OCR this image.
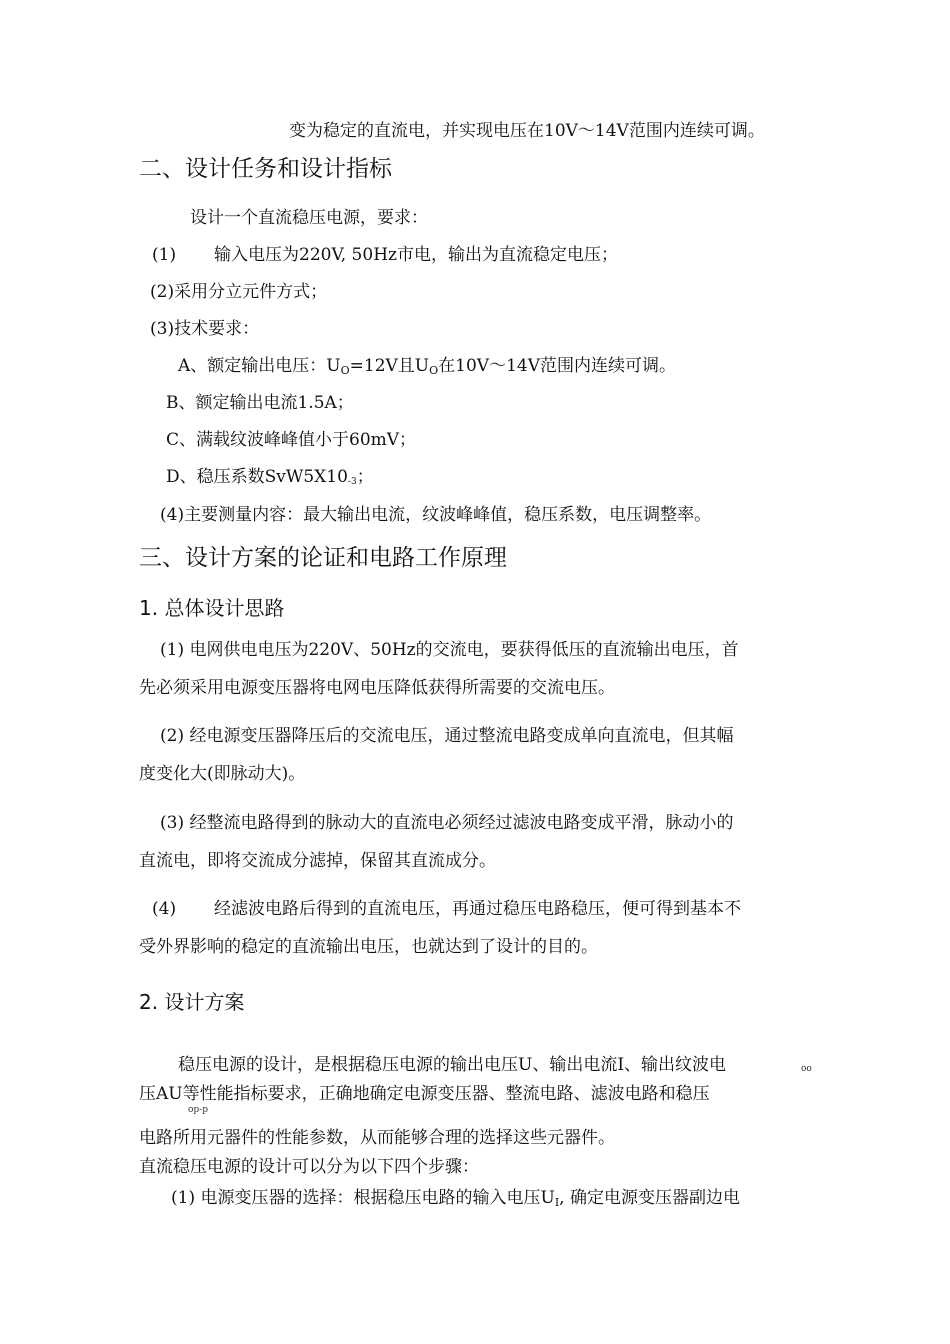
变为稳定的直流电，并实现电压在10V〜14V范围内连续可调。
二、设计任务和设计指标
设计一个直流稳压电源，要求：
(1) 输入电压为220V, 50Hz市电，输出为直流稳定电压；
(2)采用分立元件方式；
(3)技术要求：
A、额定输出电压：$U_O=12V$且$U_O$在10V〜14V范围内连续可调。
B、额定输出电流1.5A；
C、满载纹波峰峰值小于60mV；
D、稳压系数$SvW5X10^{-3}$；
(4)主要测量内容：最大输出电流，纹波峰峰值，稳压系数，电压调整率。
三、设计方案的论证和电路工作原理
1. 总体设计思路
(1) 电网供电电压为220V、50Hz的交流电，要获得低压的直流输出电压，首
先必须采用电源变压器将电网电压降低获得所需要的交流电压。
(2) 经电源变压器降压后的交流电压，通过整流电路变成单向直流电，但其幅
度变化大(即脉动大)。
(3) 经整流电路得到的脉动大的直流电必须经过滤波电路变成平滑，脉动小的
直流电，即将交流成分滤掉，保留其直流成分。
(4) 经滤波电路后得到的直流电压，再通过稳压电路稳压，便可得到基本不
受外界影响的稳定的直流输出电压，也就达到了设计的目的。
2. 设计方案
稳压电源的设计，是根据稳压电源的输出电压U、输出电流I、输出纹波电	oo
压AU等性能指标要求，正确地确定电源变压器、整流电路、滤波电路和稳压
op-p
电路所用元器件的性能参数，从而能够合理的选择这些元器件。
直流稳压电源的设计可以分为以下四个步骤：
(1) 电源变压器的选择：根据稳压电路的输入电压$U_I$, 确定电源变压器副边电
